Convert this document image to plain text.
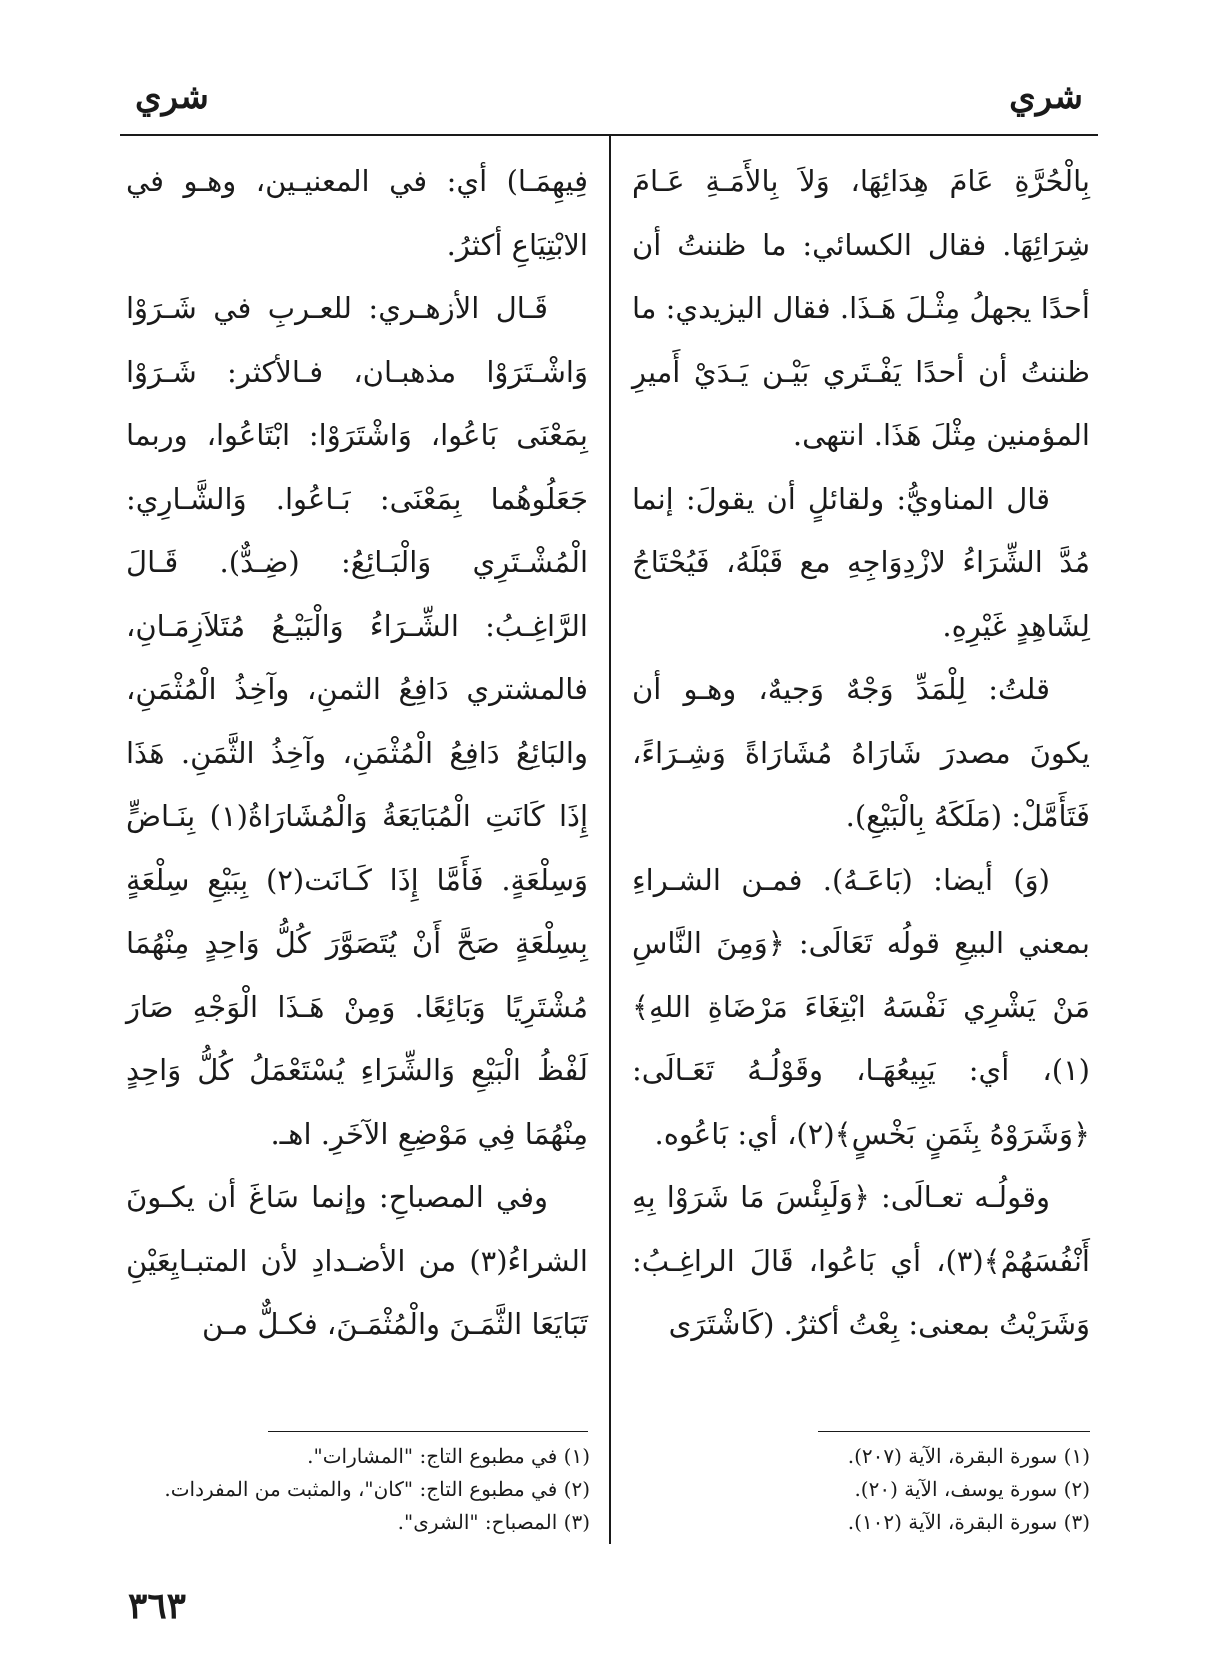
شري	شري

بِالْحُرَّةِ عَامَ هِدَائِهَا، وَلاَ بِالأَمَـةِ عَـامَ شِرَائِهَا. فقال الكسائي: ما ظننتُ أن أحدًا يجهلُ مِثْـلَ هَـذَا. فقال اليزيدي: ما ظننتُ أن أحدًا يَفْـتَري بَيْـن يَـدَيْ أَميرِ المؤمنين مِثْلَ هَذَا. انتهى.

قال المناويُّ: ولقائلٍ أن يقولَ: إنما مُدَّ الشِّرَاءُ لازْدِوَاجِهِ مع قَبْلَهُ، فَيُحْتَاجُ لِشَاهِدٍ غَيْرِهِ.

قلتُ: لِلْمَدِّ وَجْهٌ وَجيهٌ، وهـو أن يكونَ مصدرَ شَارَاهُ مُشَارَاةً وَشِـرَاءً، فَتَأَمَّلْ: (مَلَكَهُ بِالْبَيْعِ).

(وَ) أيضا: (بَاعَـهُ). فمـن الشـراءِ بمعني البيعِ قولُه تَعَالَى: ﴿وَمِنَ النَّاسِ مَنْ يَشْرِي نَفْسَهُ ابْتِغَاءَ مَرْضَاةِ اللهِ﴾(١)، أي: يَبِيعُهَـا، وقَوْلُـهُ تَعَـالَى: ﴿وَشَرَوْهُ بِثَمَنٍ بَخْسٍ﴾(٢)، أي: بَاعُوه.

وقولُـه تعـالَى: ﴿وَلَبِئْسَ مَا شَرَوْا بِهِ أَنْفُسَهُمْ﴾(٣)، أي بَاعُوا، قَالَ الراغِـبُ: وَشَرَيْتُ بمعنى: بِعْتُ أكثرُ. (كَاشْتَرَى

فِيهِمَـا) أي: في المعنيـين، وهـو في الابْتِيَاعِ أكثرُ.

قَـال الأزهـري: للعـربِ في شَـرَوْا وَاشْـتَرَوْا مذهبـان، فـالأكثر: شَـرَوْا بِمَعْنَى بَاعُوا، وَاشْتَرَوْا: ابْتَاعُوا، وربما جَعَلُوهُما بِمَعْنَى: بَـاعُوا. وَالشَّـارِي: الْمُشْـتَرِي وَالْبَـائِعُ: (ضِـدٌّ). قَـالَ الرَّاغِـبُ: الشِّـرَاءُ وَالْبَيْـعُ مُتَلاَزِمَـانِ، فالمشتري دَافِعُ الثمنِ، وآخِذُ الْمُثْمَنِ، والبَائِعُ دَافِعُ الْمُثْمَنِ، وآخِذُ الثَّمَنِ. هَذَا إِذَا كَانَتِ الْمُبَايَعَةُ وَالْمُشَارَاةُ(١) بِنَـاضٍّ وَسِلْعَةٍ. فَأَمَّا إِذَا كَـانَت(٢) بِبَيْعِ سِلْعَةٍ بِسِلْعَةٍ صَحَّ أَنْ يُتَصَوَّرَ كُلُّ وَاحِدٍ مِنْهُمَا مُشْتَرِيًا وَبَائِعًا. وَمِنْ هَـذَا الْوَجْهِ صَارَ لَفْظُ الْبَيْعِ وَالشِّرَاءِ يُسْتَعْمَلُ كُلُّ وَاحِدٍ مِنْهُمَا فِي مَوْضِعِ الآخَرِ. اهـ.

وفي المصباحِ: وإنما سَاغَ أن يكـونَ الشراءُ(٣) من الأضـدادِ لأن المتبـايِعَيْنِ تَبَايَعَا الثَّمَـنَ والْمُثْمَـنَ، فكـلٌّ مـن

(١) سورة البقرة، الآية (٢٠٧).
(٢) سورة يوسف، الآية (٢٠).
(٣) سورة البقرة، الآية (١٠٢).
(١) في مطبوع التاج: "المشارات".
(٢) في مطبوع التاج: "كان"، والمثبت من المفردات.
(٣) المصباح: "الشرى".
٣٦٣
